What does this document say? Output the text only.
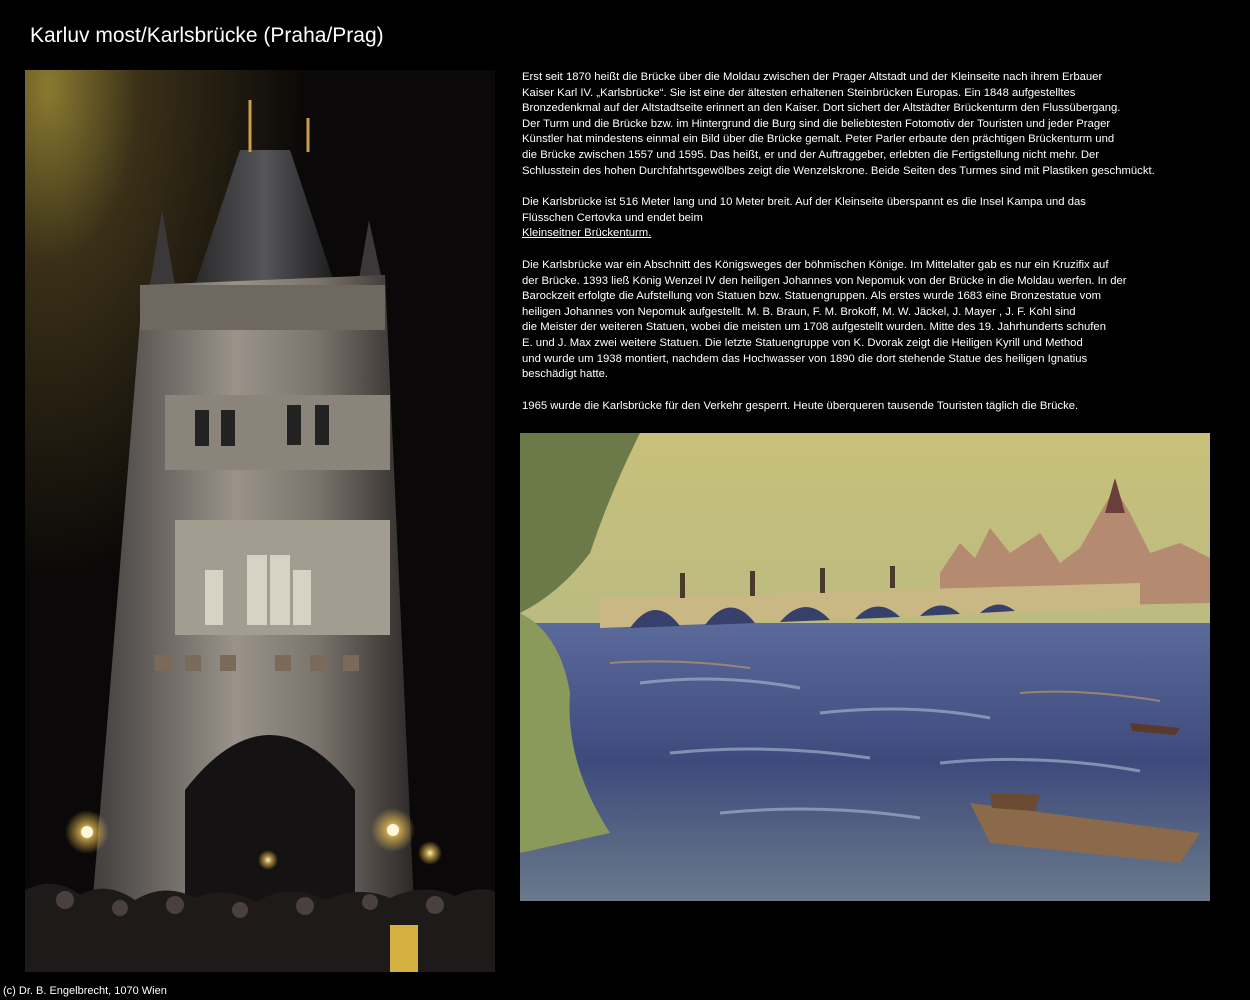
Karluv most/Karlsbrücke (Praha/Prag)

Erst seit 1870 heißt die Brücke über die Moldau zwischen der Prager Altstadt und der Kleinseite nach ihrem Erbauer
Kaiser Karl IV. „Karlsbrücke“. Sie ist eine der ältesten erhaltenen Steinbrücken Europas. Ein 1848 aufgestelltes
Bronzedenkmal auf der Altstadtseite erinnert an den Kaiser. Dort sichert der Altstädter Brückenturm den Flussübergang.
Der Turm und die Brücke bzw. im Hintergrund die Burg sind die beliebtesten Fotomotiv der Touristen und jeder Prager
Künstler hat mindestens einmal ein Bild über die Brücke gemalt. Peter Parler erbaute den prächtigen Brückenturm und
die Brücke zwischen 1557 und 1595. Das heißt, er und der Auftraggeber, erlebten die Fertigstellung nicht mehr. Der
Schlusstein des hohen Durchfahrtsgewölbes zeigt die Wenzelskrone. Beide Seiten des Turmes sind mit Plastiken geschmückt.

Die Karlsbrücke ist 516 Meter lang und 10 Meter breit. Auf der Kleinseite überspannt es die Insel Kampa und das
Flüsschen Certovka und endet beim
Kleinseitner Brückenturm.

Die Karlsbrücke war ein Abschnitt des Königsweges der böhmischen Könige. Im Mittelalter gab es nur ein Kruzifix auf
der Brücke. 1393 ließ König Wenzel IV den heiligen Johannes von Nepomuk von der Brücke in die Moldau werfen. In der
Barockzeit erfolgte die Aufstellung von Statuen bzw. Statuengruppen. Als erstes wurde 1683 eine Bronzestatue vom
heiligen Johannes von Nepomuk aufgestellt. M. B. Braun, F. M. Brokoff, M. W. Jäckel, J. Mayer , J. F. Kohl sind
die Meister der weiteren Statuen, wobei die meisten um 1708 aufgestellt wurden. Mitte des 19. Jahrhunderts schufen
E. und J. Max zwei weitere Statuen. Die letzte Statuengruppe von K. Dvorak zeigt die Heiligen Kyrill und Method
und wurde um 1938 montiert, nachdem das Hochwasser von 1890 die dort stehende Statue des heiligen Ignatius
beschädigt hatte.

1965 wurde die Karlsbrücke für den Verkehr gesperrt. Heute überqueren tausende Touristen täglich die Brücke.

(c) Dr. B. Engelbrecht, 1070 Wien
